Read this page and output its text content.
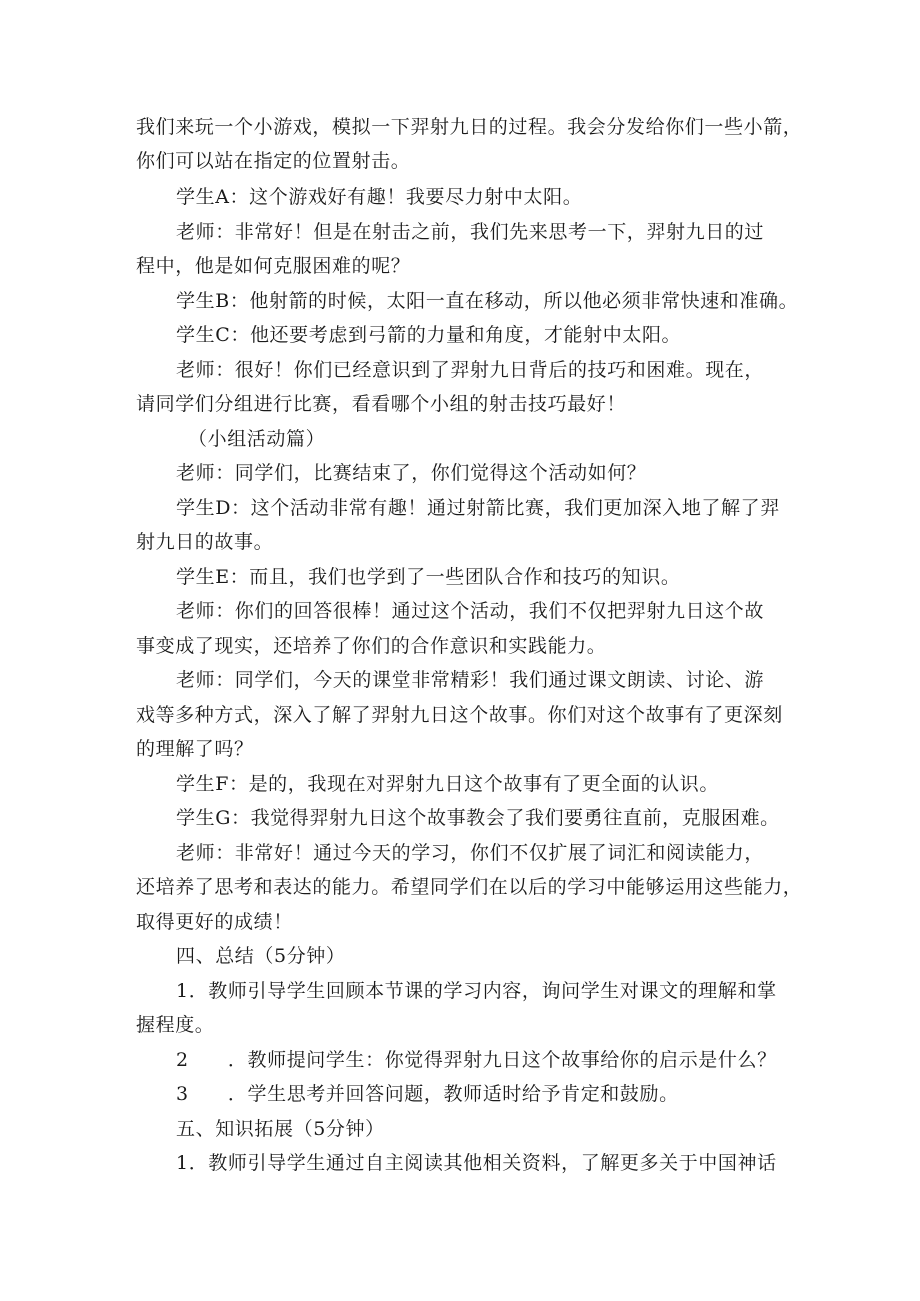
我们来玩一个小游戏，模拟一下羿射九日的过程。我会分发给你们一些小箭，
你们可以站在指定的位置射击。
学生A：这个游戏好有趣！我要尽力射中太阳。
老师：非常好！但是在射击之前，我们先来思考一下，羿射九日的过
程中，他是如何克服困难的呢？
学生B：他射箭的时候，太阳一直在移动，所以他必须非常快速和准确。
学生C：他还要考虑到弓箭的力量和角度，才能射中太阳。
老师：很好！你们已经意识到了羿射九日背后的技巧和困难。现在，
请同学们分组进行比赛，看看哪个小组的射击技巧最好！
（小组活动篇）
老师：同学们，比赛结束了，你们觉得这个活动如何？
学生D：这个活动非常有趣！通过射箭比赛，我们更加深入地了解了羿
射九日的故事。
学生E：而且，我们也学到了一些团队合作和技巧的知识。
老师：你们的回答很棒！通过这个活动，我们不仅把羿射九日这个故
事变成了现实，还培养了你们的合作意识和实践能力。
老师：同学们，今天的课堂非常精彩！我们通过课文朗读、讨论、游
戏等多种方式，深入了解了羿射九日这个故事。你们对这个故事有了更深刻
的理解了吗？
学生F：是的，我现在对羿射九日这个故事有了更全面的认识。
学生G：我觉得羿射九日这个故事教会了我们要勇往直前，克服困难。
老师：非常好！通过今天的学习，你们不仅扩展了词汇和阅读能力，
还培养了思考和表达的能力。希望同学们在以后的学习中能够运用这些能力，
取得更好的成绩！
四、总结（5分钟）
1．教师引导学生回顾本节课的学习内容，询问学生对课文的理解和掌
握程度。
2  ．教师提问学生：你觉得羿射九日这个故事给你的启示是什么？
3  ．学生思考并回答问题，教师适时给予肯定和鼓励。
五、知识拓展（5分钟）
1．教师引导学生通过自主阅读其他相关资料，了解更多关于中国神话
